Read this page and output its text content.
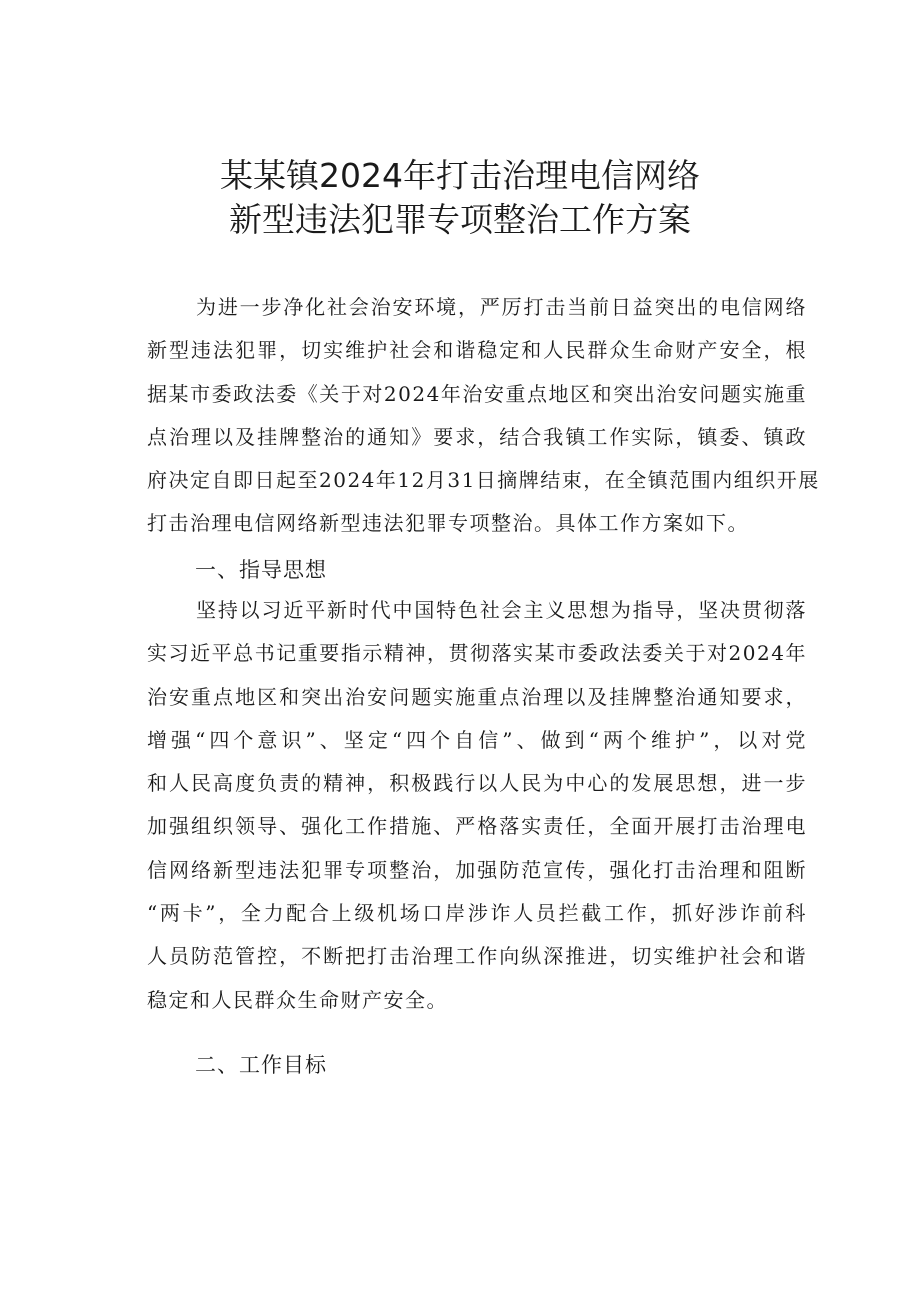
某某镇2024年打击治理电信网络
新型违法犯罪专项整治工作方案
为进一步净化社会治安环境，严厉打击当前日益突出的电信网络
新型违法犯罪，切实维护社会和谐稳定和人民群众生命财产安全，根
据某市委政法委《关于对2024年治安重点地区和突出治安问题实施重
点治理以及挂牌整治的通知》要求，结合我镇工作实际，镇委、镇政
府决定自即日起至2024年12月31日摘牌结束，在全镇范围内组织开展
打击治理电信网络新型违法犯罪专项整治。具体工作方案如下。
一、指导思想
坚持以习近平新时代中国特色社会主义思想为指导，坚决贯彻落
实习近平总书记重要指示精神，贯彻落实某市委政法委关于对2024年
治安重点地区和突出治安问题实施重点治理以及挂牌整治通知要求，
增强“四个意识”、坚定“四个自信”、做到“两个维护”，以对党
和人民高度负责的精神，积极践行以人民为中心的发展思想，进一步
加强组织领导、强化工作措施、严格落实责任，全面开展打击治理电
信网络新型违法犯罪专项整治，加强防范宣传，强化打击治理和阻断
“两卡”，全力配合上级机场口岸涉诈人员拦截工作，抓好涉诈前科
人员防范管控，不断把打击治理工作向纵深推进，切实维护社会和谐
稳定和人民群众生命财产安全。
二、工作目标
